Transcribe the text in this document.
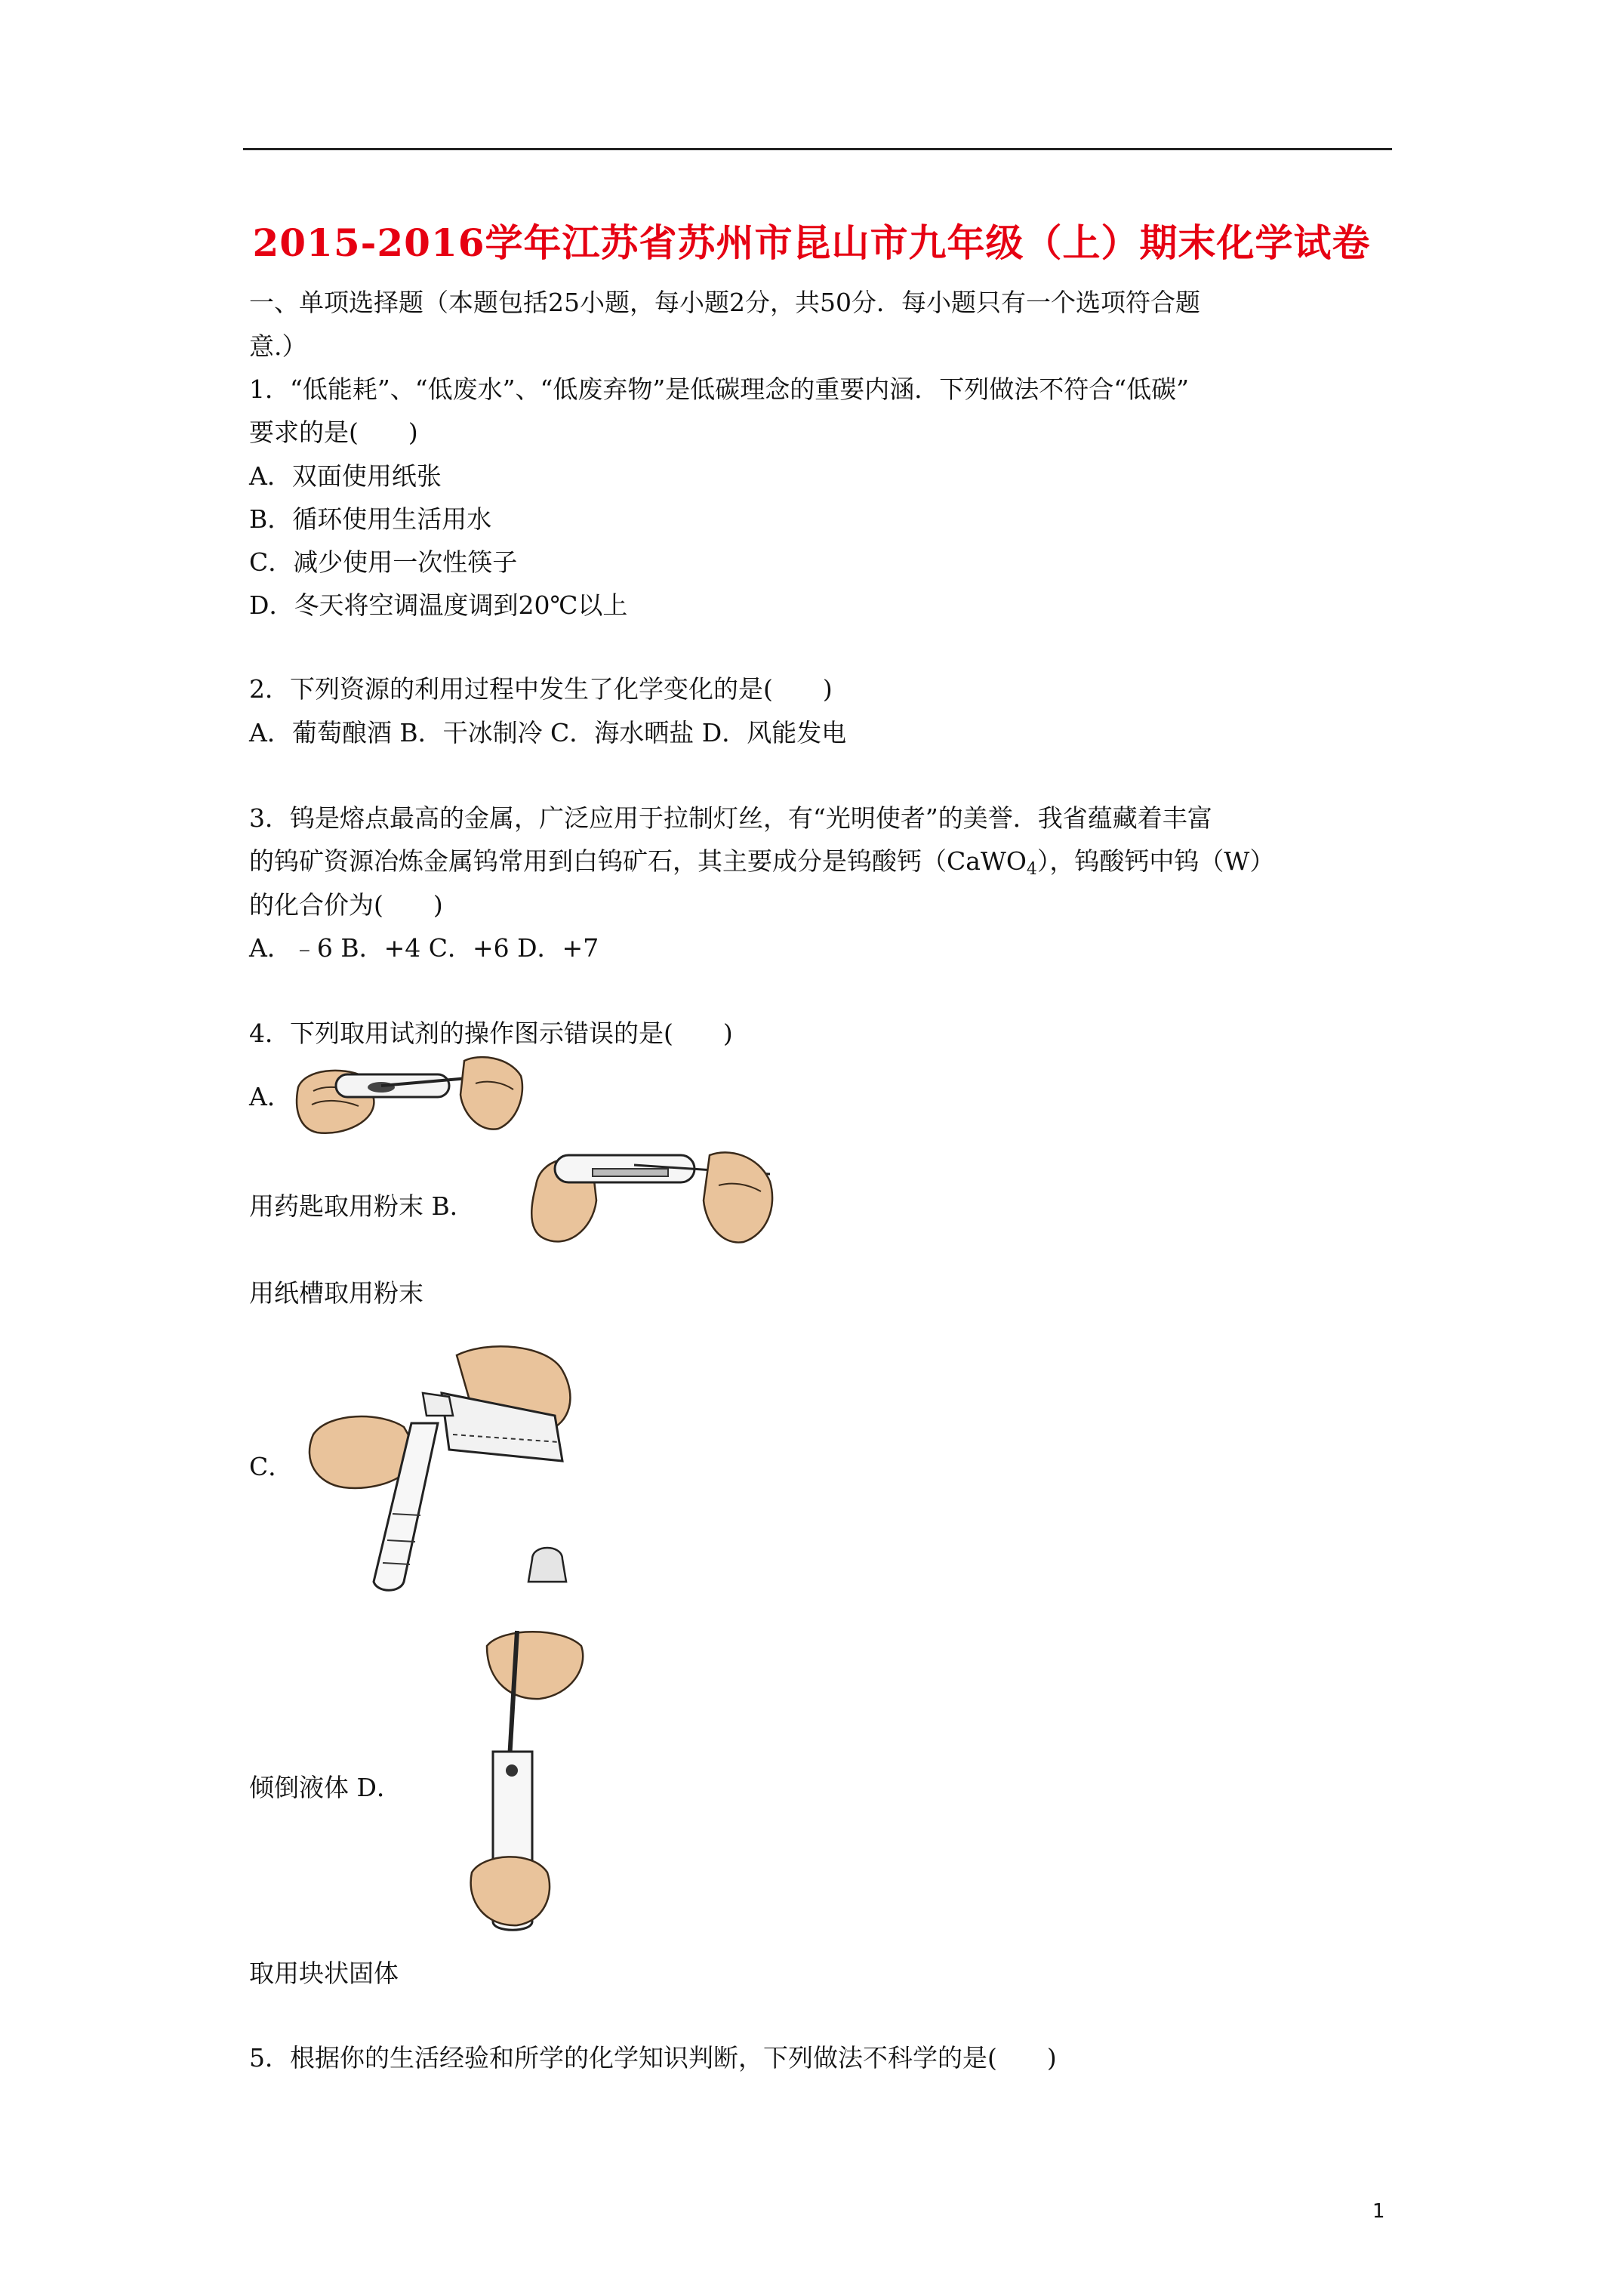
2015-2016学年江苏省苏州市昆山市九年级（上）期末化学试卷
一、单项选择题（本题包括25小题，每小题2分，共50分．每小题只有一个选项符合题
意.）
1．“低能耗”、“低废水”、“低废弃物”是低碳理念的重要内涵．下列做法不符合“低碳”
要求的是(　　)
A．双面使用纸张
B．循环使用生活用水
C．减少使用一次性筷子
D．冬天将空调温度调到20℃以上
2．下列资源的利用过程中发生了化学变化的是(　　)
A．葡萄酿酒 B．干冰制冷 C．海水晒盐 D．风能发电
3．钨是熔点最高的金属，广泛应用于拉制灯丝，有“光明使者”的美誉．我省蕴藏着丰富
的钨矿资源冶炼金属钨常用到白钨矿石，其主要成分是钨酸钙（CaWO$_4$），钨酸钙中钨（W）
的化合价为(　　)
A．﹣6 B．+4 C．+6 D．+7
4．下列取用试剂的操作图示错误的是(　　)
A．
用药匙取用粉末 B．
用纸槽取用粉末
C．
倾倒液体 D．
取用块状固体
5．根据你的生活经验和所学的化学知识判断，下列做法不科学的是(　　)
1
